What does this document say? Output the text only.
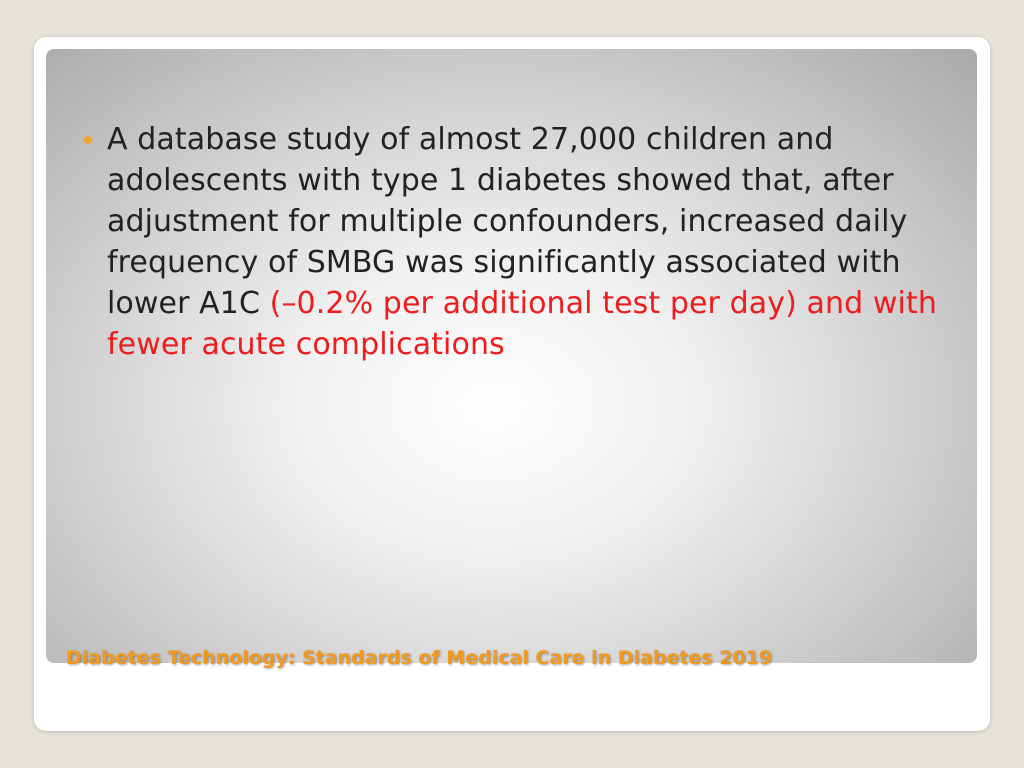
A database study of almost 27,000 children and adolescents with type 1 diabetes showed that, after adjustment for multiple confounders, increased daily frequency of SMBG was significantly associated with lower A1C (–0.2% per additional test per day) and with fewer acute complications
Diabetes Technology: Standards of Medical Care in Diabetes 2019
